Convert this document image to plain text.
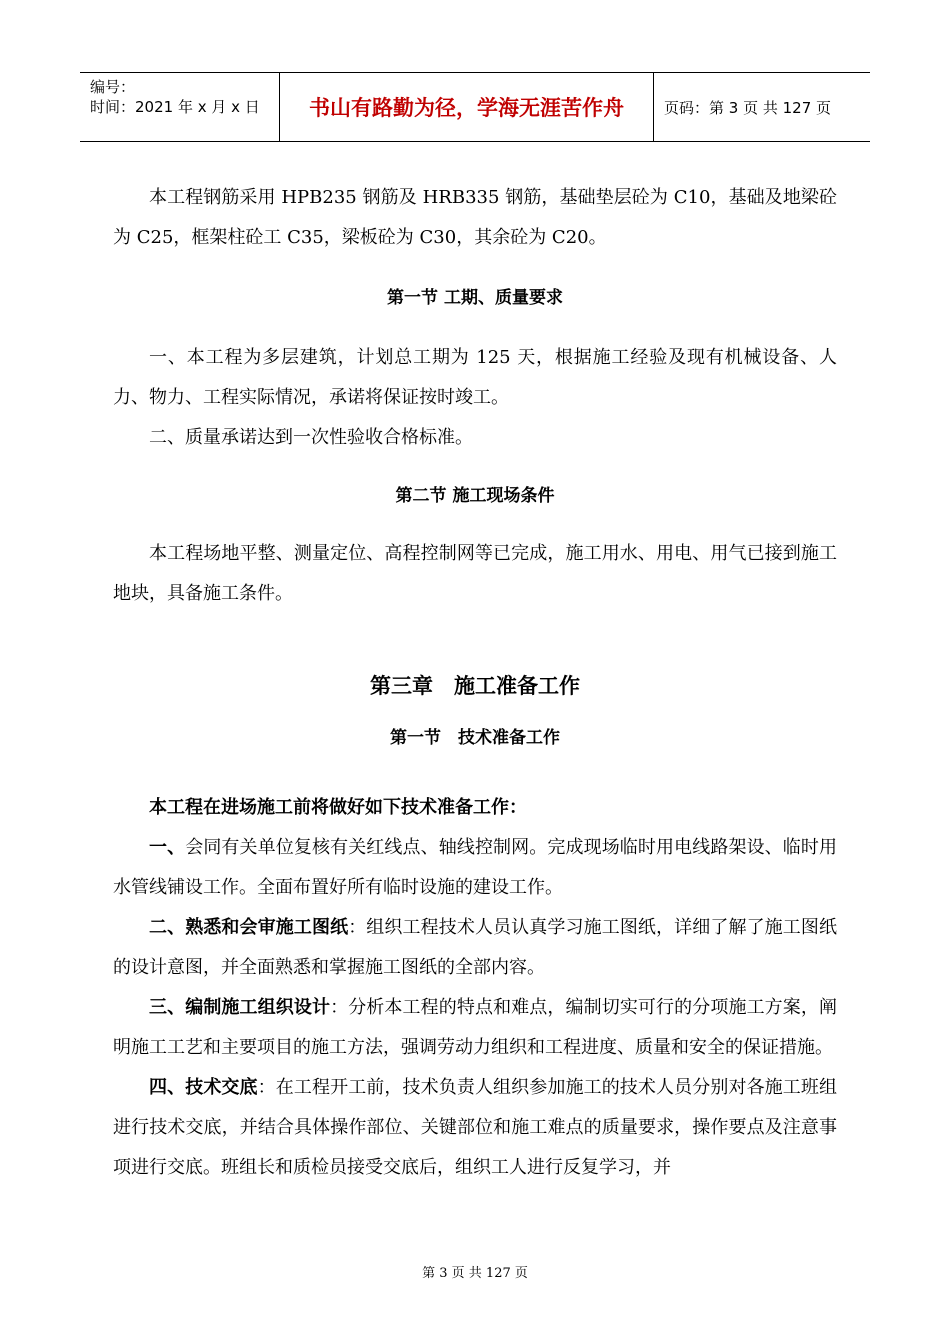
编号：
时间：2021 年 x 月 x 日	书山有路勤为径，学海无涯苦作舟	页码：第 3 页 共 127 页

本工程钢筋采用 HPB235 钢筋及 HRB335 钢筋，基础垫层砼为 C10，基础及地梁砼为 C25，框架柱砼工 C35，梁板砼为 C30，其余砼为 C20。

第一节 工期、质量要求

一、本工程为多层建筑，计划总工期为 125 天，根据施工经验及现有机械设备、人力、物力、工程实际情况，承诺将保证按时竣工。

二、质量承诺达到一次性验收合格标准。

第二节 施工现场条件

本工程场地平整、测量定位、高程控制网等已完成，施工用水、用电、用气已接到施工地块，具备施工条件。

第三章　施工准备工作
第一节　技术准备工作

本工程在进场施工前将做好如下技术准备工作：

一、会同有关单位复核有关红线点、轴线控制网。完成现场临时用电线路架设、临时用水管线铺设工作。全面布置好所有临时设施的建设工作。

二、熟悉和会审施工图纸：组织工程技术人员认真学习施工图纸，详细了解了施工图纸的设计意图，并全面熟悉和掌握施工图纸的全部内容。

三、编制施工组织设计：分析本工程的特点和难点，编制切实可行的分项施工方案，阐明施工工艺和主要项目的施工方法，强调劳动力组织和工程进度、质量和安全的保证措施。

四、技术交底：在工程开工前，技术负责人组织参加施工的技术人员分别对各施工班组进行技术交底，并结合具体操作部位、关键部位和施工难点的质量要求，操作要点及注意事项进行交底。班组长和质检员接受交底后，组织工人进行反复学习，并

第 3 页 共 127 页
